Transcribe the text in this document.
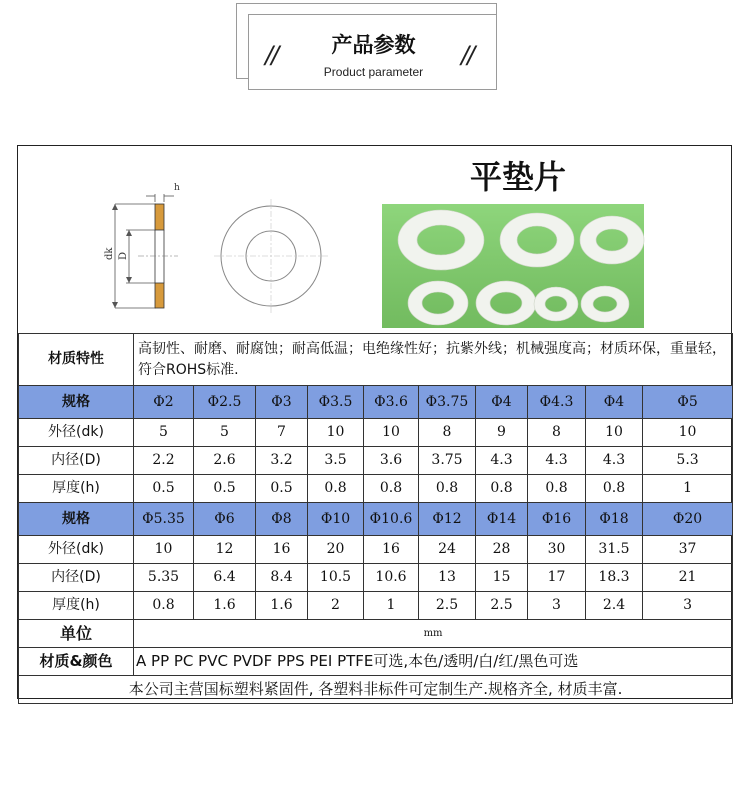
//	产品参数	//
Product parameter
h
dk D
平垫片
材质特性	高韧性、耐磨、耐腐蚀；耐高低温；电绝缘性好；抗紫外线；机械强度高；材质环保，重量轻，符合ROHS标准.									
规格	Φ2	Φ2.5	Φ3	Φ3.5	Φ3.6	Φ3.75	Φ4	Φ4.3	Φ4	Φ5
外径(dk)	5	5	7	10	10	8	9	8	10	10
内径(D)	2.2	2.6	3.2	3.5	3.6	3.75	4.3	4.3	4.3	5.3
厚度(h)	0.5	0.5	0.5	0.8	0.8	0.8	0.8	0.8	0.8	1
规格	Φ5.35	Φ6	Φ8	Φ10	Φ10.6	Φ12	Φ14	Φ16	Φ18	Φ20
外径(dk)	10	12	16	20	16	24	28	30	31.5	37
内径(D)	5.35	6.4	8.4	10.5	10.6	13	15	17	18.3	21
厚度(h)	0.8	1.6	1.6	2	1	2.5	2.5	3	2.4	3
单位	mm									
材质&颜色	A PP PC PVC PVDF PPS PEI PTFE可选,本色/透明/白/红/黑色可选									
本公司主营国标塑料紧固件, 各塑料非标件可定制生产.规格齐全, 材质丰富.										
